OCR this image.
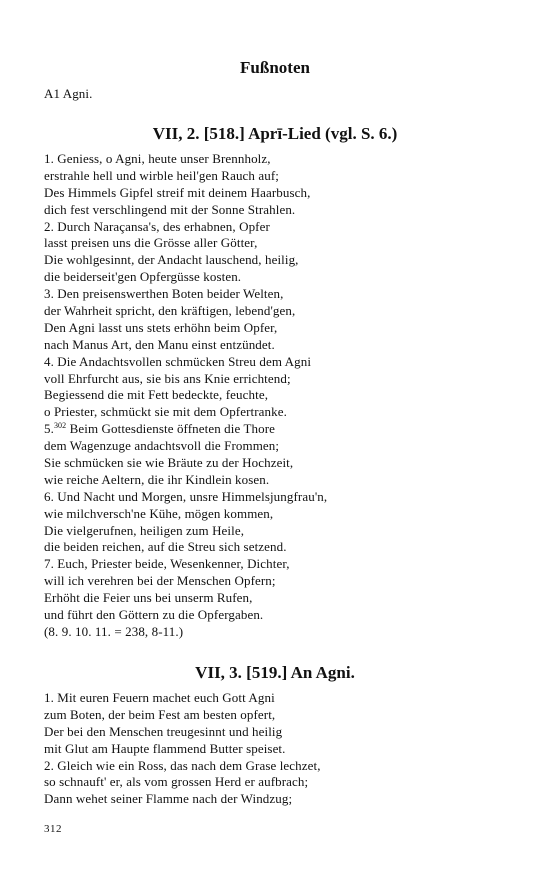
Fußnoten
A1 Agni.
VII, 2. [518.] Aprī-Lied (vgl. S. 6.)
1. Geniess, o Agni, heute unser Brennholz,
erstrahle hell und wirble heil'gen Rauch auf;
Des Himmels Gipfel streif mit deinem Haarbusch,
dich fest verschlingend mit der Sonne Strahlen.
2. Durch Naraçansa's, des erhabnen, Opfer
lasst preisen uns die Grösse aller Götter,
Die wohlgesinnt, der Andacht lauschend, heilig,
die beiderseit'gen Opfergüsse kosten.
3. Den preisenswerthen Boten beider Welten,
der Wahrheit spricht, den kräftigen, lebend'gen,
Den Agni lasst uns stets erhöhn beim Opfer,
nach Manus Art, den Manu einst entzündet.
4. Die Andachtsvollen schmücken Streu dem Agni
voll Ehrfurcht aus, sie bis ans Knie errichtend;
Begiessend die mit Fett bedeckte, feuchte,
o Priester, schmückt sie mit dem Opfertranke.
5.$^{302}$ Beim Gottesdienste öffneten die Thore
dem Wagenzuge andachtsvoll die Frommen;
Sie schmücken sie wie Bräute zu der Hochzeit,
wie reiche Aeltern, die ihr Kindlein kosen.
6. Und Nacht und Morgen, unsre Himmelsjungfrau'n,
wie milchversch'ne Kühe, mögen kommen,
Die vielgerufnen, heiligen zum Heile,
die beiden reichen, auf die Streu sich setzend.
7. Euch, Priester beide, Wesenkenner, Dichter,
will ich verehren bei der Menschen Opfern;
Erhöht die Feier uns bei unserm Rufen,
und führt den Göttern zu die Opfergaben.
(8. 9. 10. 11. = 238, 8-11.)
VII, 3. [519.] An Agni.
1. Mit euren Feuern machet euch Gott Agni
zum Boten, der beim Fest am besten opfert,
Der bei den Menschen treugesinnt und heilig
mit Glut am Haupte flammend Butter speiset.
2. Gleich wie ein Ross, das nach dem Grase lechzet,
so schnauft' er, als vom grossen Herd er aufbrach;
Dann wehet seiner Flamme nach der Windzug;
312
